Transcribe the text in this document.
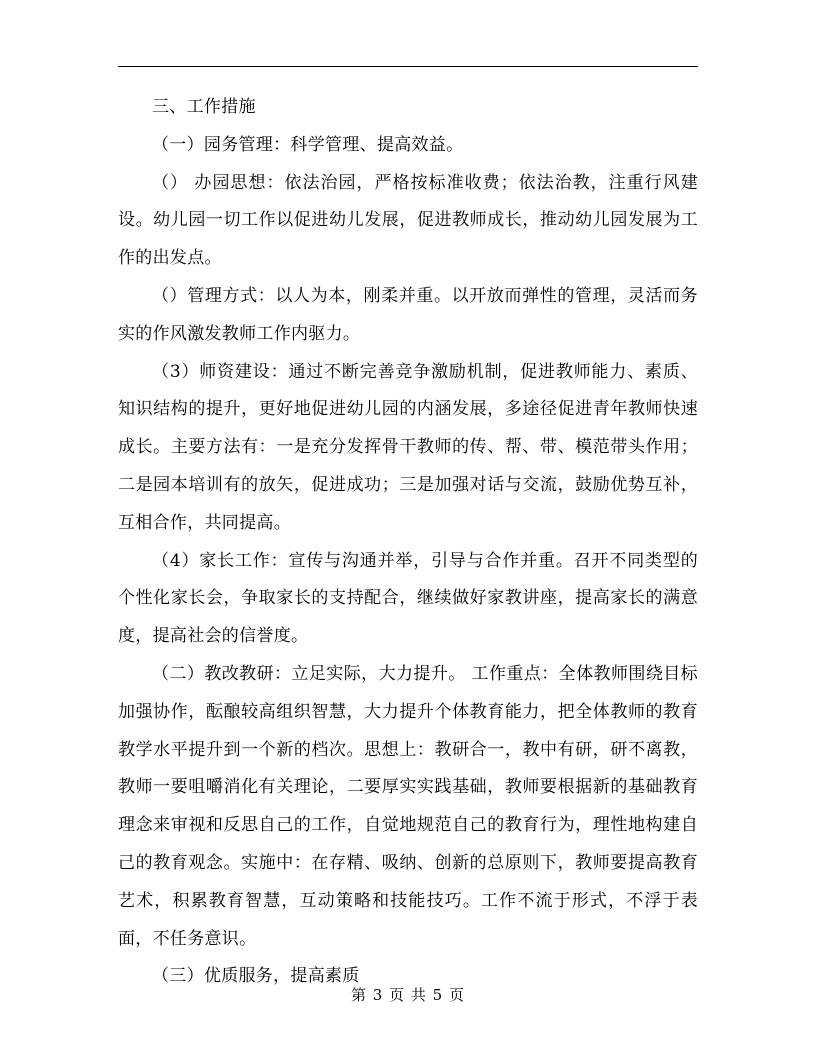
三、工作措施

（一）园务管理：科学管理、提高效益。

（） 办园思想：依法治园，严格按标准收费；依法治教，注重行风建设。幼儿园一切工作以促进幼儿发展，促进教师成长，推动幼儿园发展为工作的出发点。

（）管理方式：以人为本，刚柔并重。以开放而弹性的管理，灵活而务实的作风激发教师工作内驱力。

（3）师资建设：通过不断完善竞争激励机制，促进教师能力、素质、知识结构的提升，更好地促进幼儿园的内涵发展，多途径促进青年教师快速成长。主要方法有：一是充分发挥骨干教师的传、帮、带、模范带头作用；二是园本培训有的放矢，促进成功；三是加强对话与交流，鼓励优势互补，互相合作，共同提高。

（4）家长工作：宣传与沟通并举，引导与合作并重。召开不同类型的个性化家长会，争取家长的支持配合，继续做好家教讲座，提高家长的满意度，提高社会的信誉度。

（二）教改教研：立足实际，大力提升。 工作重点：全体教师围绕目标加强协作，酝酿较高组织智慧，大力提升个体教育能力，把全体教师的教育教学水平提升到一个新的档次。思想上：教研合一，教中有研，研不离教，教师一要咀嚼消化有关理论，二要厚实实践基础，教师要根据新的基础教育理念来审视和反思自己的工作，自觉地规范自己的教育行为，理性地构建自己的教育观念。实施中：在存精、吸纳、创新的总原则下，教师要提高教育艺术，积累教育智慧，互动策略和技能技巧。工作不流于形式，不浮于表面，不任务意识。

（三）优质服务，提高素质

第 3 页 共 5 页
